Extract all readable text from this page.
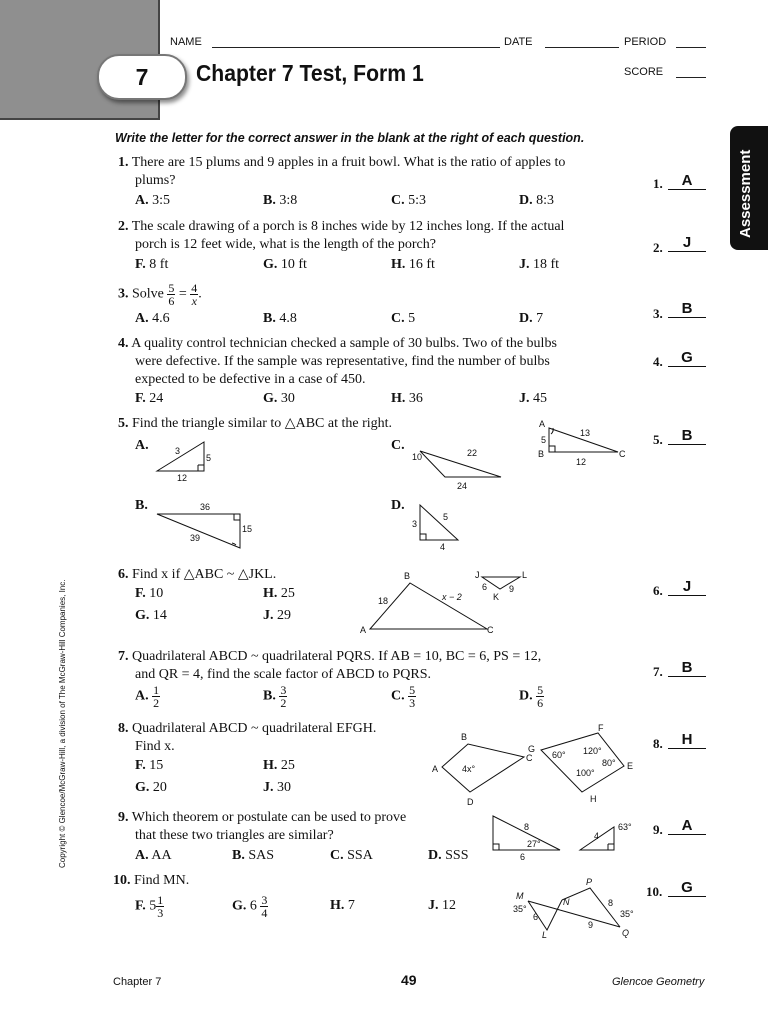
7	Chapter 7 Test, Form 1
NAME	DATE	PERIOD
SCORE
Assessment
Copyright © Glencoe/McGraw-Hill, a division of The McGraw-Hill Companies, Inc.
Write the letter for the correct answer in the blank at the right of each question.
1. There are 15 plums and 9 apples in a fruit bowl. What is the ratio of apples to
plums?
A. 3:5	B. 3:8	C. 5:3	D. 8:3
1.	A
2. The scale drawing of a porch is 8 inches wide by 12 inches long. If the actual
porch is 12 feet wide, what is the length of the porch?
F. 8 ft	G. 10 ft	H. 16 ft	J. 18 ft
2.	J
3. Solve $\frac{5}{6} = \frac{4}{x}$ .
A. 4.6	B. 4.8	C. 5	D. 7	3.	B
4. A quality control technician checked a sample of 30 bulbs. Two of the bulbs
were defective. If the sample was representative, find the number of bulbs
expected to be defective in a case of 450.
F. 24	G. 30	H. 36	J. 45
4.	G
5. Find the triangle similar to △ABC at the right.
A.
B.
C.
D.
5.	B
6. Find x if △ABC ~ △JKL.
F. 10
G. 14
H. 25
J. 29
6.	J
7. Quadrilateral ABCD ~ quadrilateral PQRS. If AB = 10, BC = 6, PS = 12,
and QR = 4, find the scale factor of ABCD to PQRS.
A. $\frac{1}{2}$	B. $\frac{3}{2}$	C. $\frac{5}{3}$	D. $\frac{5}{6}$
7.	B
8. Quadrilateral ABCD ~ quadrilateral EFGH.
Find x.
F. 15
G. 20
H. 25
J. 30
8.	H
9. Which theorem or postulate can be used to prove
that these two triangles are similar?
A. AA	B. SAS	C. SSA	D. SSS
9.	A
10. Find MN.
F. $5 \frac{1}{3}$	G. $6 \frac{3}{4}$	H. 7	J. 12
10.	G
A
B	C
5
13
12
3
5
12
36
15
39
10	22
24
3
5
4
A
B
C
18	x − 2
J
K
L
6 9
A
B
C
D
4x°	E
F
G
H
60° 120°
80°
100°
8
27°
6
4
63°
M
N
P
L	Q
35°	35°
6
8
9
Chapter 7	49	Glencoe Geometry
